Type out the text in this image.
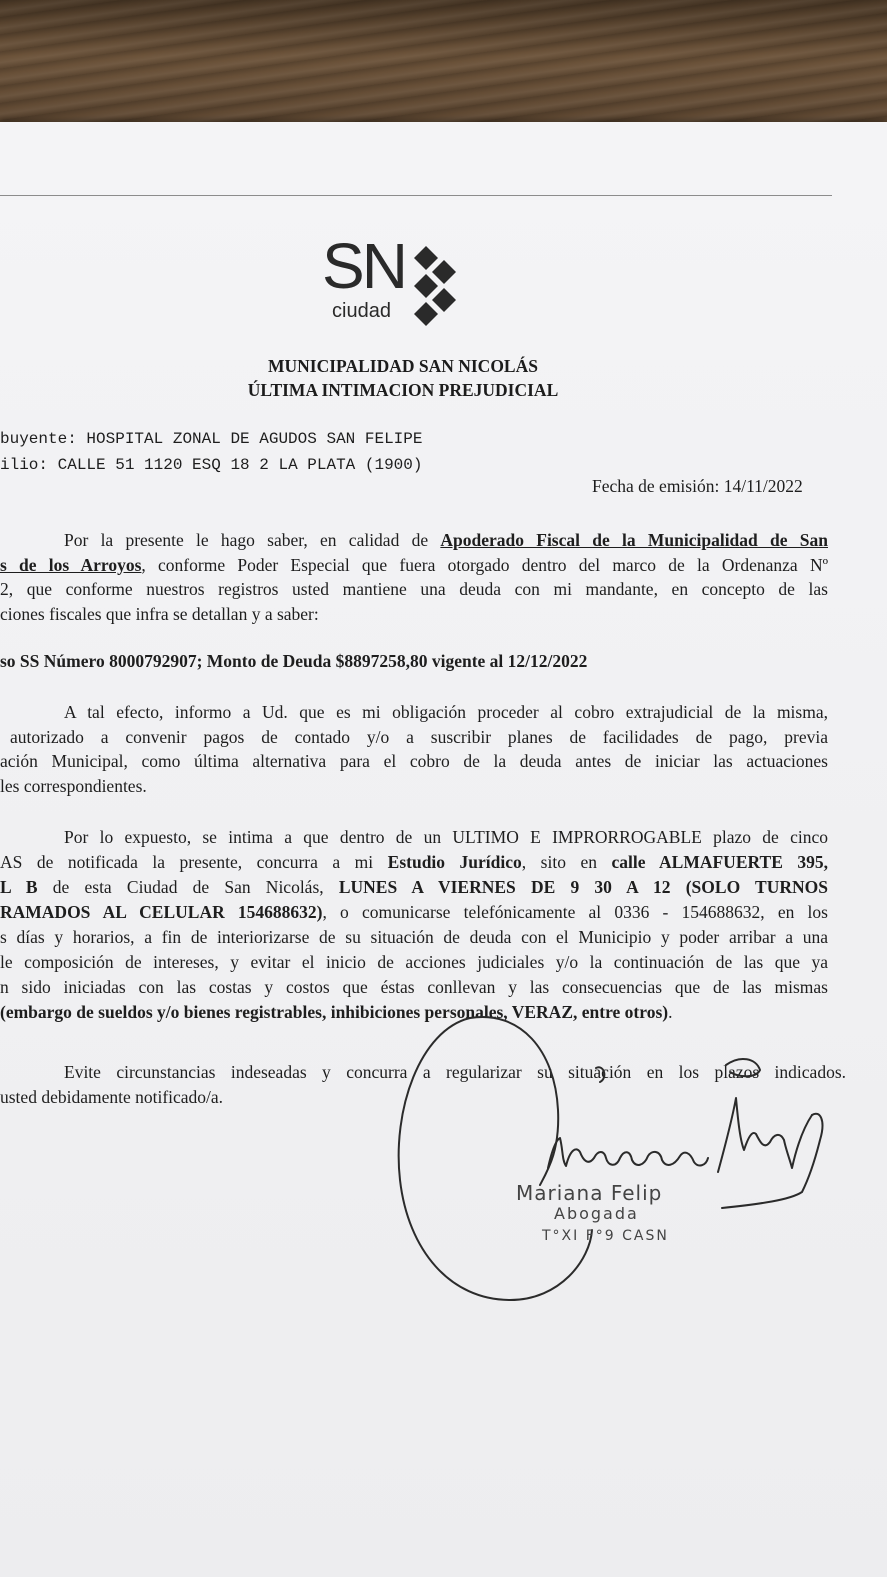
SN
ciudad
MUNICIPALIDAD SAN NICOLÁS
ÚLTIMA INTIMACION PREJUDICIAL
buyente: HOSPITAL ZONAL DE AGUDOS SAN FELIPE
ilio: CALLE 51 1120 ESQ 18 2 LA PLATA (1900)
Fecha de emisión: 14/11/2022
Por la presente le hago saber, en calidad de Apoderado Fiscal de la Municipalidad de San
s de los Arroyos, conforme Poder Especial que fuera otorgado dentro del marco de la Ordenanza Nº
2, que conforme nuestros registros usted mantiene una deuda con mi mandante, en concepto de las
ciones fiscales que infra se detallan y a saber:
so SS Número 8000792907; Monto de Deuda $8897258,80 vigente al 12/12/2022
A tal efecto, informo a Ud. que es mi obligación proceder al cobro extrajudicial de la misma,
autorizado a convenir pagos de contado y/o a suscribir planes de facilidades de pago, previa
ación Municipal, como última alternativa para el cobro de la deuda antes de iniciar las actuaciones
les correspondientes.
Por lo expuesto, se intima a que dentro de un ULTIMO E IMPRORROGABLE plazo de cinco
AS de notificada la presente, concurra a mi Estudio Jurídico, sito en calle ALMAFUERTE 395,
L B de esta Ciudad de San Nicolás, LUNES A VIERNES DE 9 30 A 12 (SOLO TURNOS
RAMADOS AL CELULAR 154688632), o comunicarse telefónicamente al 0336 - 154688632, en los
s días y horarios, a fin de interiorizarse de su situación de deuda con el Municipio y poder arribar a una
le composición de intereses, y evitar el inicio de acciones judiciales y/o la continuación de las que ya
n sido iniciadas con las costas y costos que éstas conllevan y las consecuencias que de las mismas
(embargo de sueldos y/o bienes registrables, inhibiciones personales, VERAZ, entre otros).
Evite circunstancias indeseadas y concurra a regularizar su situación en los plazos indicados.
usted debidamente notificado/a.
Mariana Felip
Abogada
T°XI F°9 CASN
